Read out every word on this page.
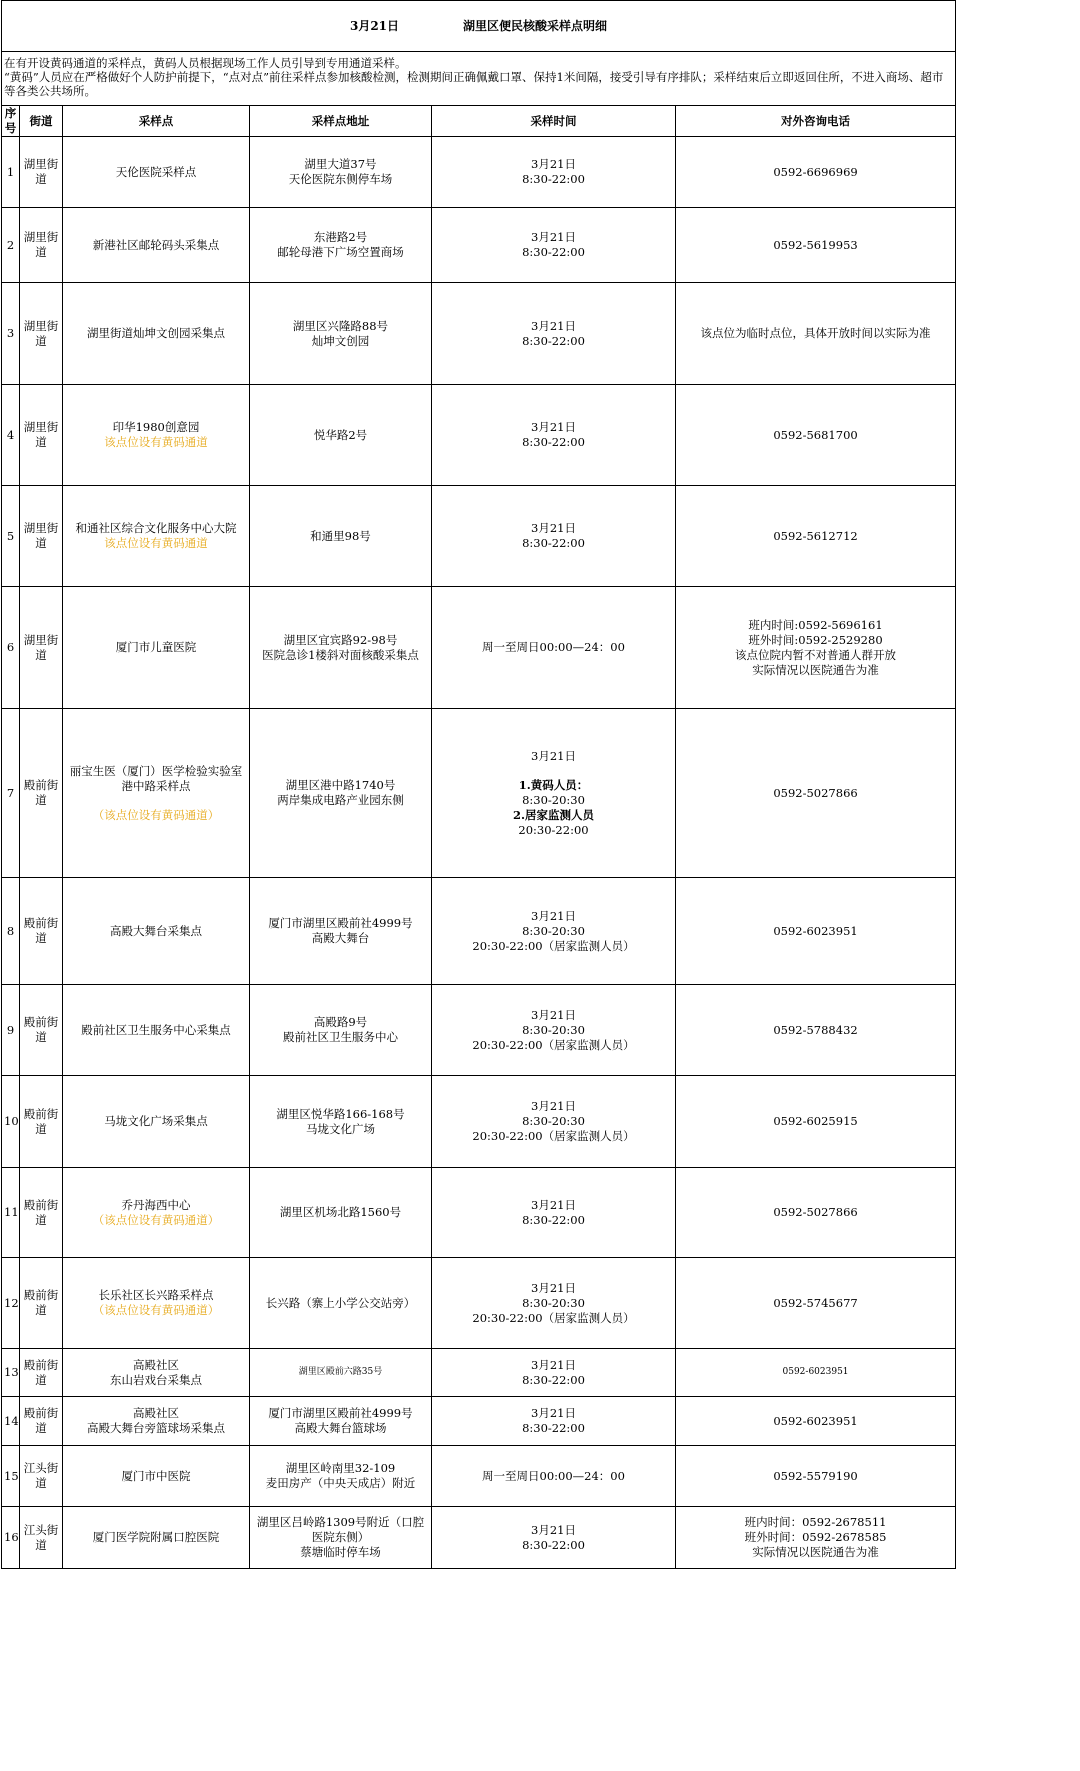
3月21日 湖里区便民核酸采样点明细					

在有开设黄码通道的采样点，黄码人员根据现场工作人员引导到专用通道采样。
“黄码”人员应在严格做好个人防护前提下，“点对点”前往采样点参加核酸检测，检测期间正确佩戴口罩、保持1米间隔，接受引导有序排队；采样结束后立即返回住所，不进入商场、超市等各类公共场所。					

序号	街道	采样点	采样点地址	采样时间	对外咨询电话
1	湖里街道	天伦医院采样点	湖里大道37号
天伦医院东侧停车场	3月21日
8:30-22:00	0592-6696969

2	湖里街道	新港社区邮轮码头采集点	东港路2号
邮轮母港下广场空置商场	3月21日
8:30-22:00	0592-5619953

3	湖里街道	湖里街道灿坤文创园采集点	湖里区兴隆路88号
灿坤文创园	3月21日
8:30-22:00	该点位为临时点位，具体开放时间以实际为准

4	湖里街道	印华1980创意园
该点位设有黄码通道	悦华路2号	3月21日
8:30-22:00	0592-5681700

5	湖里街道	和通社区综合文化服务中心大院
该点位设有黄码通道	和通里98号	3月21日
8:30-22:00	0592-5612712

6	湖里街道	厦门市儿童医院	湖里区宜宾路92-98号
医院急诊1楼斜对面核酸采集点	周一至周日00:00—24：00	班内时间:0592-5696161
班外时间:0592-2529280
该点位院内暂不对普通人群开放
实际情况以医院通告为准

7	殿前街道	丽宝生医（厦门）医学检验实验室
港中路采样点
（该点位设有黄码通道）	湖里区港中路1740号
两岸集成电路产业园东侧	3月21日
1.黄码人员：
8:30-20:30
2.居家监测人员
20:30-22:00	0592-5027866

8	殿前街道	高殿大舞台采集点	厦门市湖里区殿前社4999号
高殿大舞台	3月21日
8:30-20:30
20:30-22:00（居家监测人员）	0592-6023951

9	殿前街道	殿前社区卫生服务中心采集点	高殿路9号
殿前社区卫生服务中心	3月21日
8:30-20:30
20:30-22:00（居家监测人员）	0592-5788432

10	殿前街道	马垅文化广场采集点	湖里区悦华路166-168号
马垅文化广场	3月21日
8:30-20:30
20:30-22:00（居家监测人员）	0592-6025915

11	殿前街道	乔丹海西中心
（该点位设有黄码通道）	湖里区机场北路1560号	3月21日
8:30-22:00	0592-5027866

12	殿前街道	长乐社区长兴路采样点
（该点位设有黄码通道）	长兴路（寨上小学公交站旁）	3月21日
8:30-20:30
20:30-22:00（居家监测人员）	0592-5745677

13	殿前街道	高殿社区
东山岩戏台采集点	湖里区殿前六路35号	3月21日
8:30-22:00	0592-6023951

14	殿前街道	高殿社区
高殿大舞台旁篮球场采集点	厦门市湖里区殿前社4999号
高殿大舞台篮球场	3月21日
8:30-22:00	0592-6023951

15	江头街道	厦门市中医院	湖里区岭南里32-109
麦田房产（中央天成店）附近	周一至周日00:00—24：00	0592-5579190

16	江头街道	厦门医学院附属口腔医院	湖里区吕岭路1309号附近（口腔
医院东侧）
蔡塘临时停车场	3月21日
8:30-22:00	班内时间：0592-2678511
班外时间：0592-2678585
实际情况以医院通告为准
